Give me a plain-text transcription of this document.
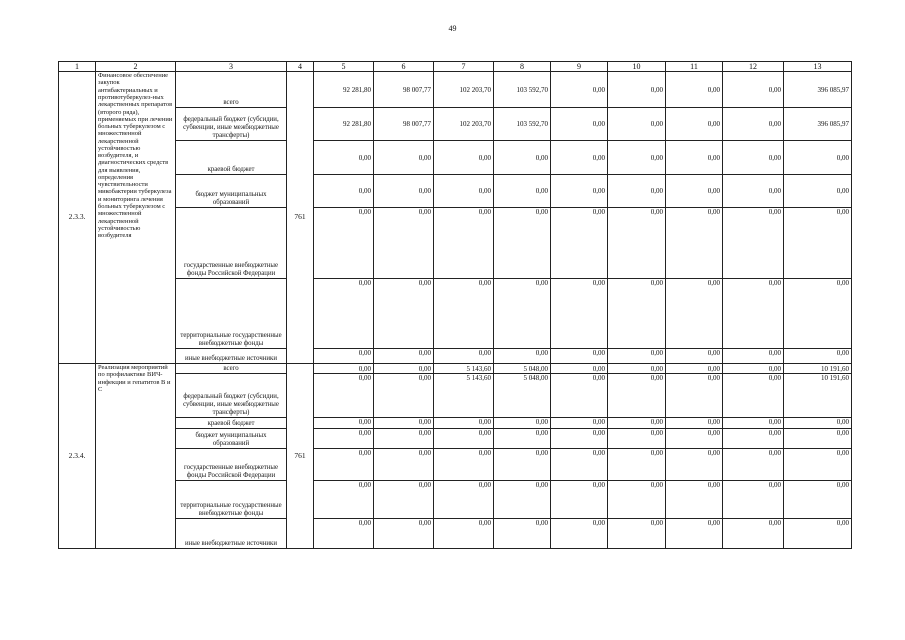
49
1	2	3	4	5	6	7	8	9	10	11	12	13
2.3.3.	Финансовое обеспечение закупок антибактериальных и противотуберкулез-ных лекарственных препаратов (второго ряда), применяемых при лечении больных туберкулезом с множественной лекарственной устойчивостью возбудителя, и диагностических средств для выявления, определения чувствительности микобактерии туберкулеза и мониторинга лечения больных туберкулезом с множественной лекарственной устойчивостью возбудителя	всего	761	92 281,80	98 007,77	102 203,70	103 592,70	0,00	0,00	0,00	0,00	396 085,97
		федеральный бюджет (субсидии, субвенции, иные межбюджетные трансферты)		92 281,80	98 007,77	102 203,70	103 592,70	0,00	0,00	0,00	0,00	396 085,97
		краевой бюджет		0,00	0,00	0,00	0,00	0,00	0,00	0,00	0,00	0,00
		бюджет муниципальных образований		0,00	0,00	0,00	0,00	0,00	0,00	0,00	0,00	0,00
		государственные внебюджетные фонды Российской Федерации		0,00	0,00	0,00	0,00	0,00	0,00	0,00	0,00	0,00
		территориальные государственные внебюджетные фонды		0,00	0,00	0,00	0,00	0,00	0,00	0,00	0,00	0,00
		иные внебюджетные источники		0,00	0,00	0,00	0,00	0,00	0,00	0,00	0,00	0,00
2.3.4.	Реализация мероприятий по профилактике ВИЧ-инфекции и гепатитов В и С	всего	761	0,00	0,00	5 143,60	5 048,00	0,00	0,00	0,00	0,00	10 191,60
		федеральный бюджет (субсидии, субвенции, иные межбюджетные трансферты)		0,00	0,00	5 143,60	5 048,00	0,00	0,00	0,00	0,00	10 191,60
		краевой бюджет		0,00	0,00	0,00	0,00	0,00	0,00	0,00	0,00	0,00
		бюджет муниципальных образований		0,00	0,00	0,00	0,00	0,00	0,00	0,00	0,00	0,00
		государственные внебюджетные фонды Российской Федерации		0,00	0,00	0,00	0,00	0,00	0,00	0,00	0,00	0,00
		территориальные государственные внебюджетные фонды		0,00	0,00	0,00	0,00	0,00	0,00	0,00	0,00	0,00
		иные внебюджетные источники		0,00	0,00	0,00	0,00	0,00	0,00	0,00	0,00	0,00
